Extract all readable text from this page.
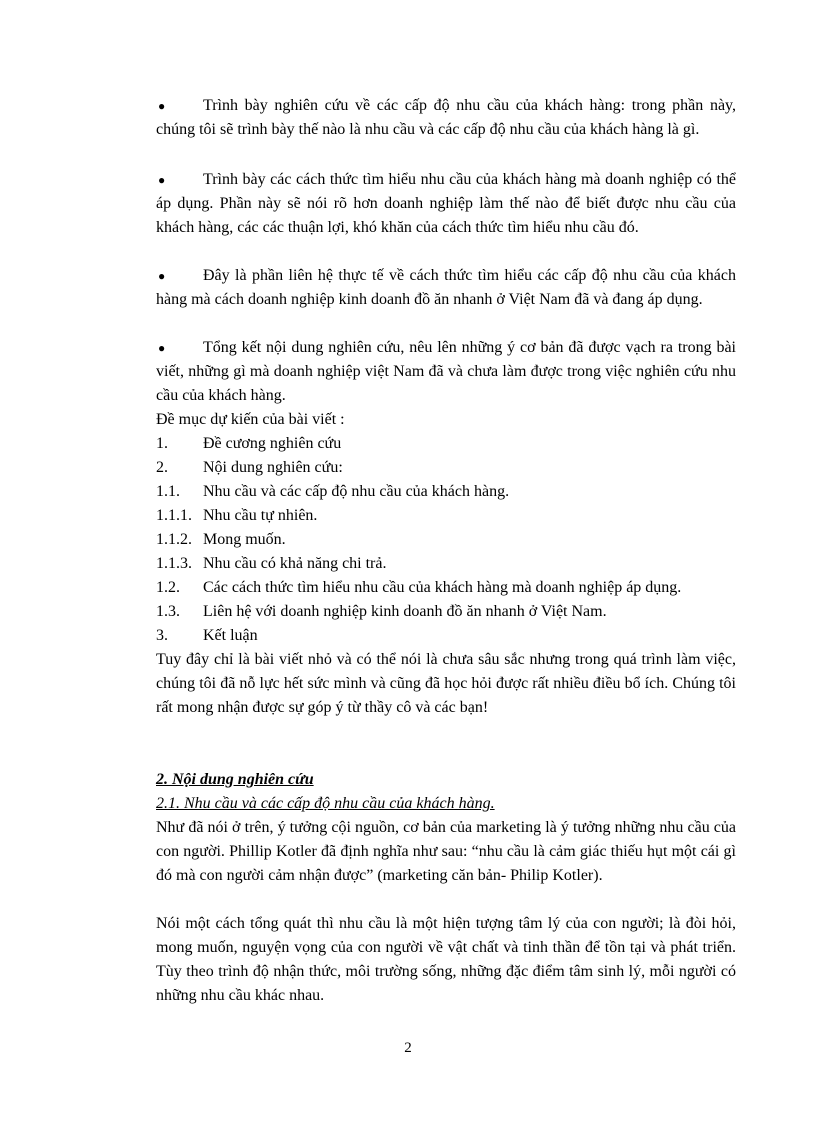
●	Trình bày nghiên cứu về các cấp độ nhu cầu của khách hàng: trong phần này, chúng tôi sẽ trình bày thế nào là nhu cầu và các cấp độ nhu cầu của khách hàng là gì.

●	Trình bày các cách thức tìm hiểu nhu cầu của khách hàng mà doanh nghiệp có thể áp dụng. Phần này sẽ nói rõ hơn doanh nghiệp làm thế nào để biết được nhu cầu của khách hàng, các các thuận lợi, khó khăn của cách thức tìm hiểu nhu cầu đó.

●	Đây là phần liên hệ thực tế về cách thức tìm hiểu các cấp độ nhu cầu của khách hàng mà cách doanh nghiệp kinh doanh đồ ăn nhanh ở Việt Nam đã và đang áp dụng.

●	Tổng kết nội dung nghiên cứu, nêu lên những ý cơ bản đã được vạch ra trong bài viết, những gì mà doanh nghiệp việt Nam đã và chưa làm được trong việc nghiên cứu nhu cầu của khách hàng.

Đề mục dự kiến của bài viết :

1. Đề cương nghiên cứu
2. Nội dung nghiên cứu:
1.1. Nhu cầu và các cấp độ nhu cầu của khách hàng.
1.1.1. Nhu cầu tự nhiên.
1.1.2. Mong muốn.
1.1.3. Nhu cầu có khả năng chi trả.
1.2. Các cách thức tìm hiểu nhu cầu của khách hàng mà doanh nghiệp áp dụng.
1.3. Liên hệ với doanh nghiệp kinh doanh đồ ăn nhanh ở Việt Nam.
3. Kết luận

Tuy đây chỉ là bài viết nhỏ và có thể nói là chưa sâu sắc nhưng trong quá trình làm việc, chúng tôi đã nỗ lực hết sức mình và cũng đã học hỏi được rất nhiều điều bổ ích. Chúng tôi rất mong nhận được sự góp ý từ thầy cô và các bạn!

2. Nội dung nghiên cứu
2.1. Nhu cầu và các cấp độ nhu cầu của khách hàng.

Như đã nói ở trên, ý tưởng cội nguồn, cơ bản của marketing là ý tưởng những nhu cầu của con người. Phillip Kotler đã định nghĩa như sau: “nhu cầu là cảm giác thiếu hụt một cái gì đó mà con người cảm nhận được” (marketing căn bản- Philip Kotler).

Nói một cách tổng quát thì nhu cầu là một hiện tượng tâm lý của con người; là đòi hỏi, mong muốn, nguyện vọng của con người về vật chất và tinh thần để tồn tại và phát triển. Tùy theo trình độ nhận thức, môi trường sống, những đặc điểm tâm sinh lý, mỗi người có những nhu cầu khác nhau.

2
